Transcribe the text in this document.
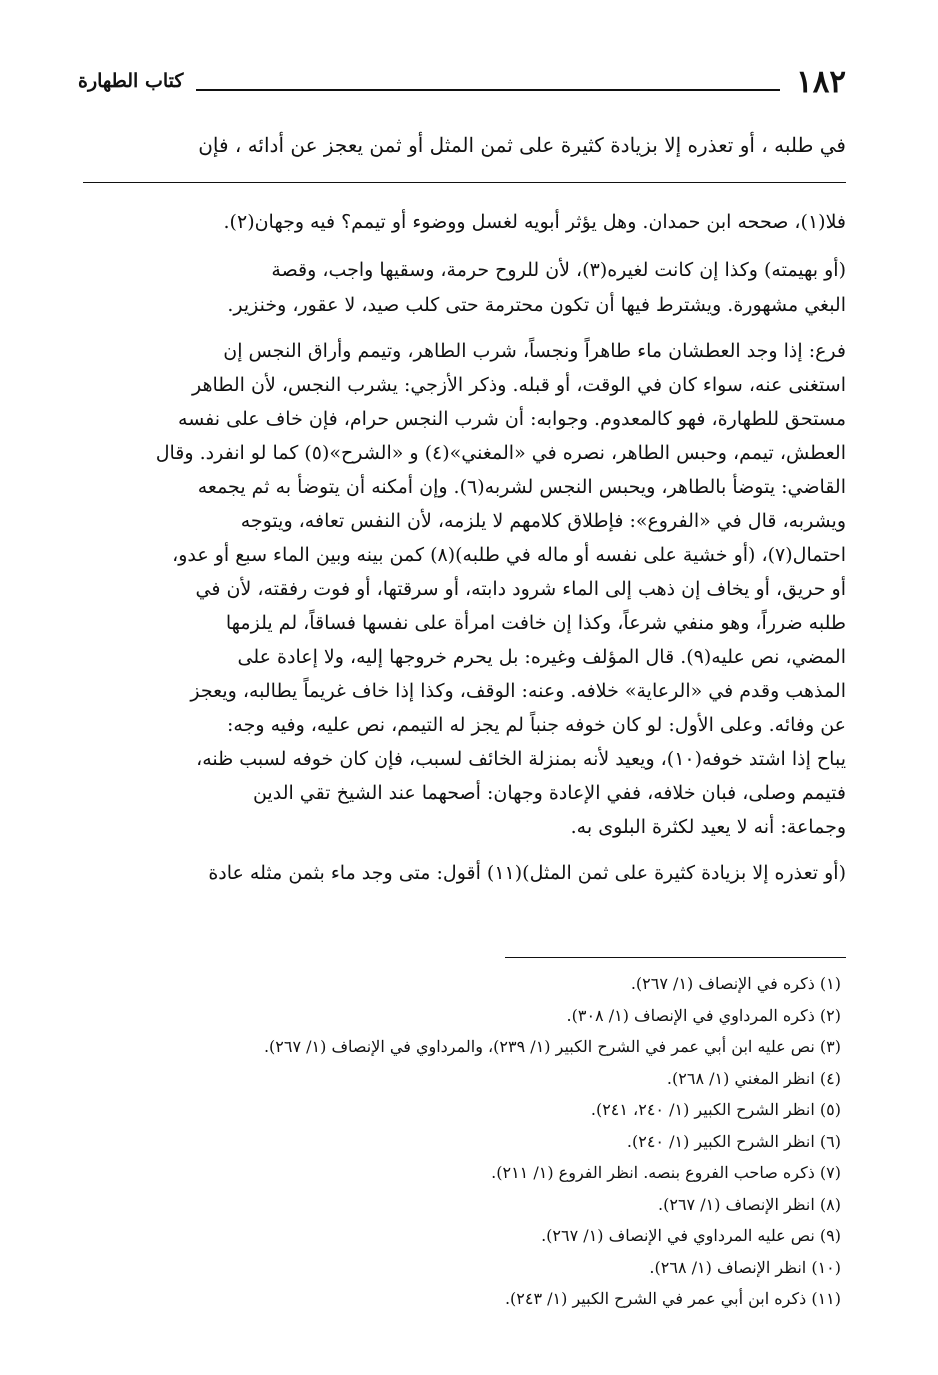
١٨٢
كتاب الطهارة
في طلبه ، أو تعذره إلا بزيادة كثيرة على ثمن المثل أو ثمن يعجز عن أدائه ، فإن
فلا(١)، صححه ابن حمدان. وهل يؤثر أبويه لغسل ووضوء أو تيمم؟ فيه وجهان(٢).
(أو بهيمته) وكذا إن كانت لغيره(٣)، لأن للروح حرمة، وسقيها واجب، وقصة
البغي مشهورة. ويشترط فيها أن تكون محترمة حتى كلب صيد، لا عقور، وخنزير.
فرع: إذا وجد العطشان ماء طاهراً ونجساً، شرب الطاهر، وتيمم وأراق النجس إن
استغنى عنه، سواء كان في الوقت، أو قبله. وذكر الأزجي: يشرب النجس، لأن الطاهر
مستحق للطهارة، فهو كالمعدوم. وجوابه: أن شرب النجس حرام، فإن خاف على نفسه
العطش، تيمم، وحبس الطاهر، نصره في «المغني»(٤) و «الشرح»(٥) كما لو انفرد. وقال
القاضي: يتوضأ بالطاهر، ويحبس النجس لشربه(٦). وإن أمكنه أن يتوضأ به ثم يجمعه
ويشربه، قال في «الفروع»: فإطلاق كلامهم لا يلزمه، لأن النفس تعافه، ويتوجه
احتمال(٧)، (أو خشية على نفسه أو ماله في طلبه)(٨) كمن بينه وبين الماء سبع أو عدو،
أو حريق، أو يخاف إن ذهب إلى الماء شرود دابته، أو سرقتها، أو فوت رفقته، لأن في
طلبه ضرراً، وهو منفي شرعاً، وكذا إن خافت امرأة على نفسها فساقاً، لم يلزمها
المضي، نص عليه(٩). قال المؤلف وغيره: بل يحرم خروجها إليه، ولا إعادة على
المذهب وقدم في «الرعاية» خلافه. وعنه: الوقف، وكذا إذا خاف غريماً يطالبه، ويعجز
عن وفائه. وعلى الأول: لو كان خوفه جنباً لم يجز له التيمم، نص عليه، وفيه وجه:
يباح إذا اشتد خوفه(١٠)، ويعيد لأنه بمنزلة الخائف لسبب، فإن كان خوفه لسبب ظنه،
فتيمم وصلى، فبان خلافه، ففي الإعادة وجهان: أصحهما عند الشيخ تقي الدين
وجماعة: أنه لا يعيد لكثرة البلوى به.
(أو تعذره إلا بزيادة كثيرة على ثمن المثل)(١١) أقول: متى وجد ماء بثمن مثله عادة
(١) ذكره في الإنصاف (١/ ٢٦٧).
(٢) ذكره المرداوي في الإنصاف (١/ ٣٠٨).
(٣) نص عليه ابن أبي عمر في الشرح الكبير (١/ ٢٣٩)، والمرداوي في الإنصاف (١/ ٢٦٧).
(٤) انظر المغني (١/ ٢٦٨).
(٥) انظر الشرح الكبير (١/ ٢٤٠، ٢٤١).
(٦) انظر الشرح الكبير (١/ ٢٤٠).
(٧) ذكره صاحب الفروع بنصه. انظر الفروع (١/ ٢١١).
(٨) انظر الإنصاف (١/ ٢٦٧).
(٩) نص عليه المرداوي في الإنصاف (١/ ٢٦٧).
(١٠) انظر الإنصاف (١/ ٢٦٨).
(١١) ذكره ابن أبي عمر في الشرح الكبير (١/ ٢٤٣).
